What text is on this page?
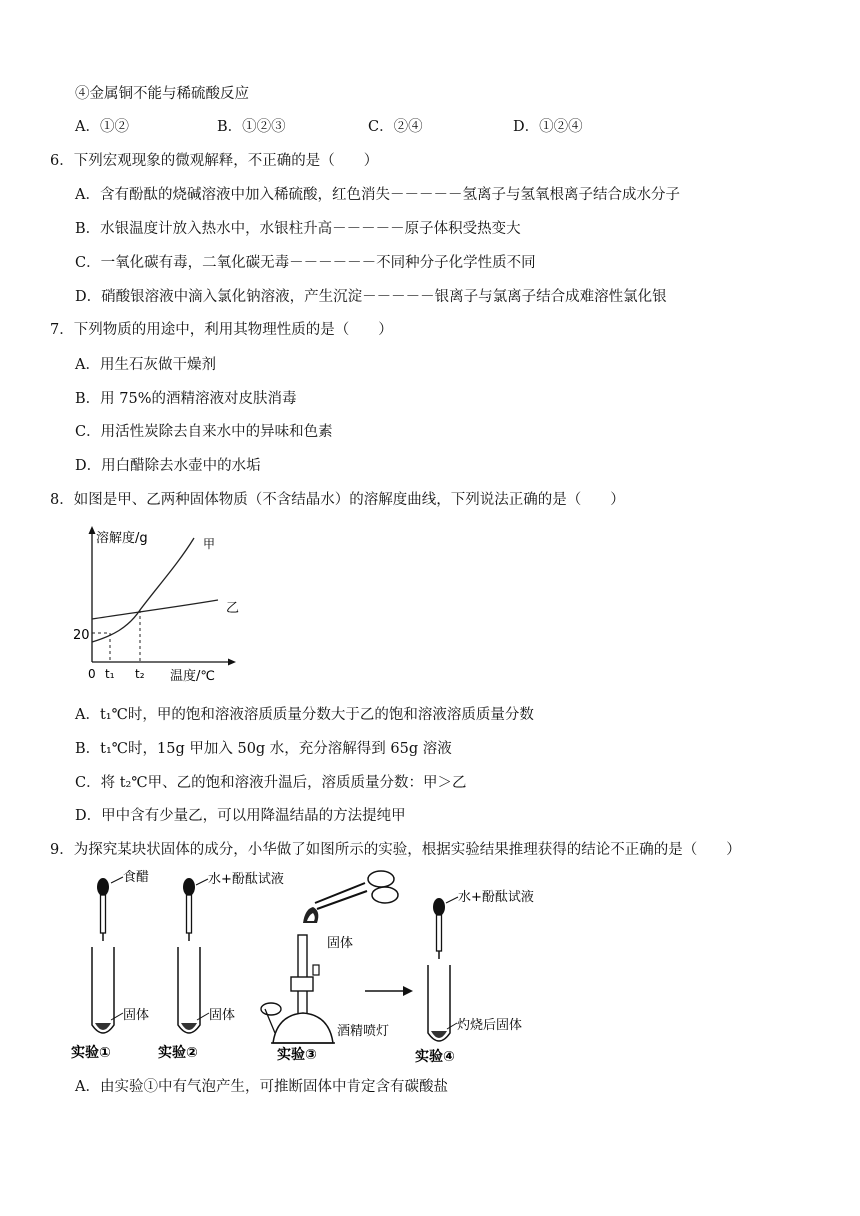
④金属铜不能与稀硫酸反应
A．①②	B．①②③	C．②④	D．①②④
6．下列宏观现象的微观解释，不正确的是（　　）
A．含有酚酞的烧碱溶液中加入稀硫酸，红色消失－－－－－氢离子与氢氧根离子结合成水分子
B．水银温度计放入热水中，水银柱升高－－－－－原子体积受热变大
C．一氧化碳有毒，二氧化碳无毒－－－－－－不同种分子化学性质不同
D．硝酸银溶液中滴入氯化钠溶液，产生沉淀－－－－－银离子与氯离子结合成难溶性氯化银
7．下列物质的用途中，利用其物理性质的是（　　）
A．用生石灰做干燥剂
B．用 75%的酒精溶液对皮肤消毒
C．用活性炭除去自来水中的异味和色素
D．用白醋除去水壶中的水垢
8．如图是甲、乙两种固体物质（不含结晶水）的溶解度曲线，下列说法正确的是（　　）
溶解度/g	甲
乙
20
0 t₁ t₂ 温度/℃
A．t₁℃时，甲的饱和溶液溶质质量分数大于乙的饱和溶液溶质质量分数
B．t₁℃时，15g 甲加入 50g 水，充分溶解得到 65g 溶液
C．将 t₂℃甲、乙的饱和溶液升温后，溶质质量分数：甲＞乙
D．甲中含有少量乙，可以用降温结晶的方法提纯甲
9．为探究某块状固体的成分，小华做了如图所示的实验，根据实验结果推理获得的结论不正确的是（　　）
食醋
固体
实验①
水+酚酞试液
固体
实验②
固体
酒精喷灯
实验③
水+酚酞试液
灼烧后固体
实验④
A．由实验①中有气泡产生，可推断固体中肯定含有碳酸盐
